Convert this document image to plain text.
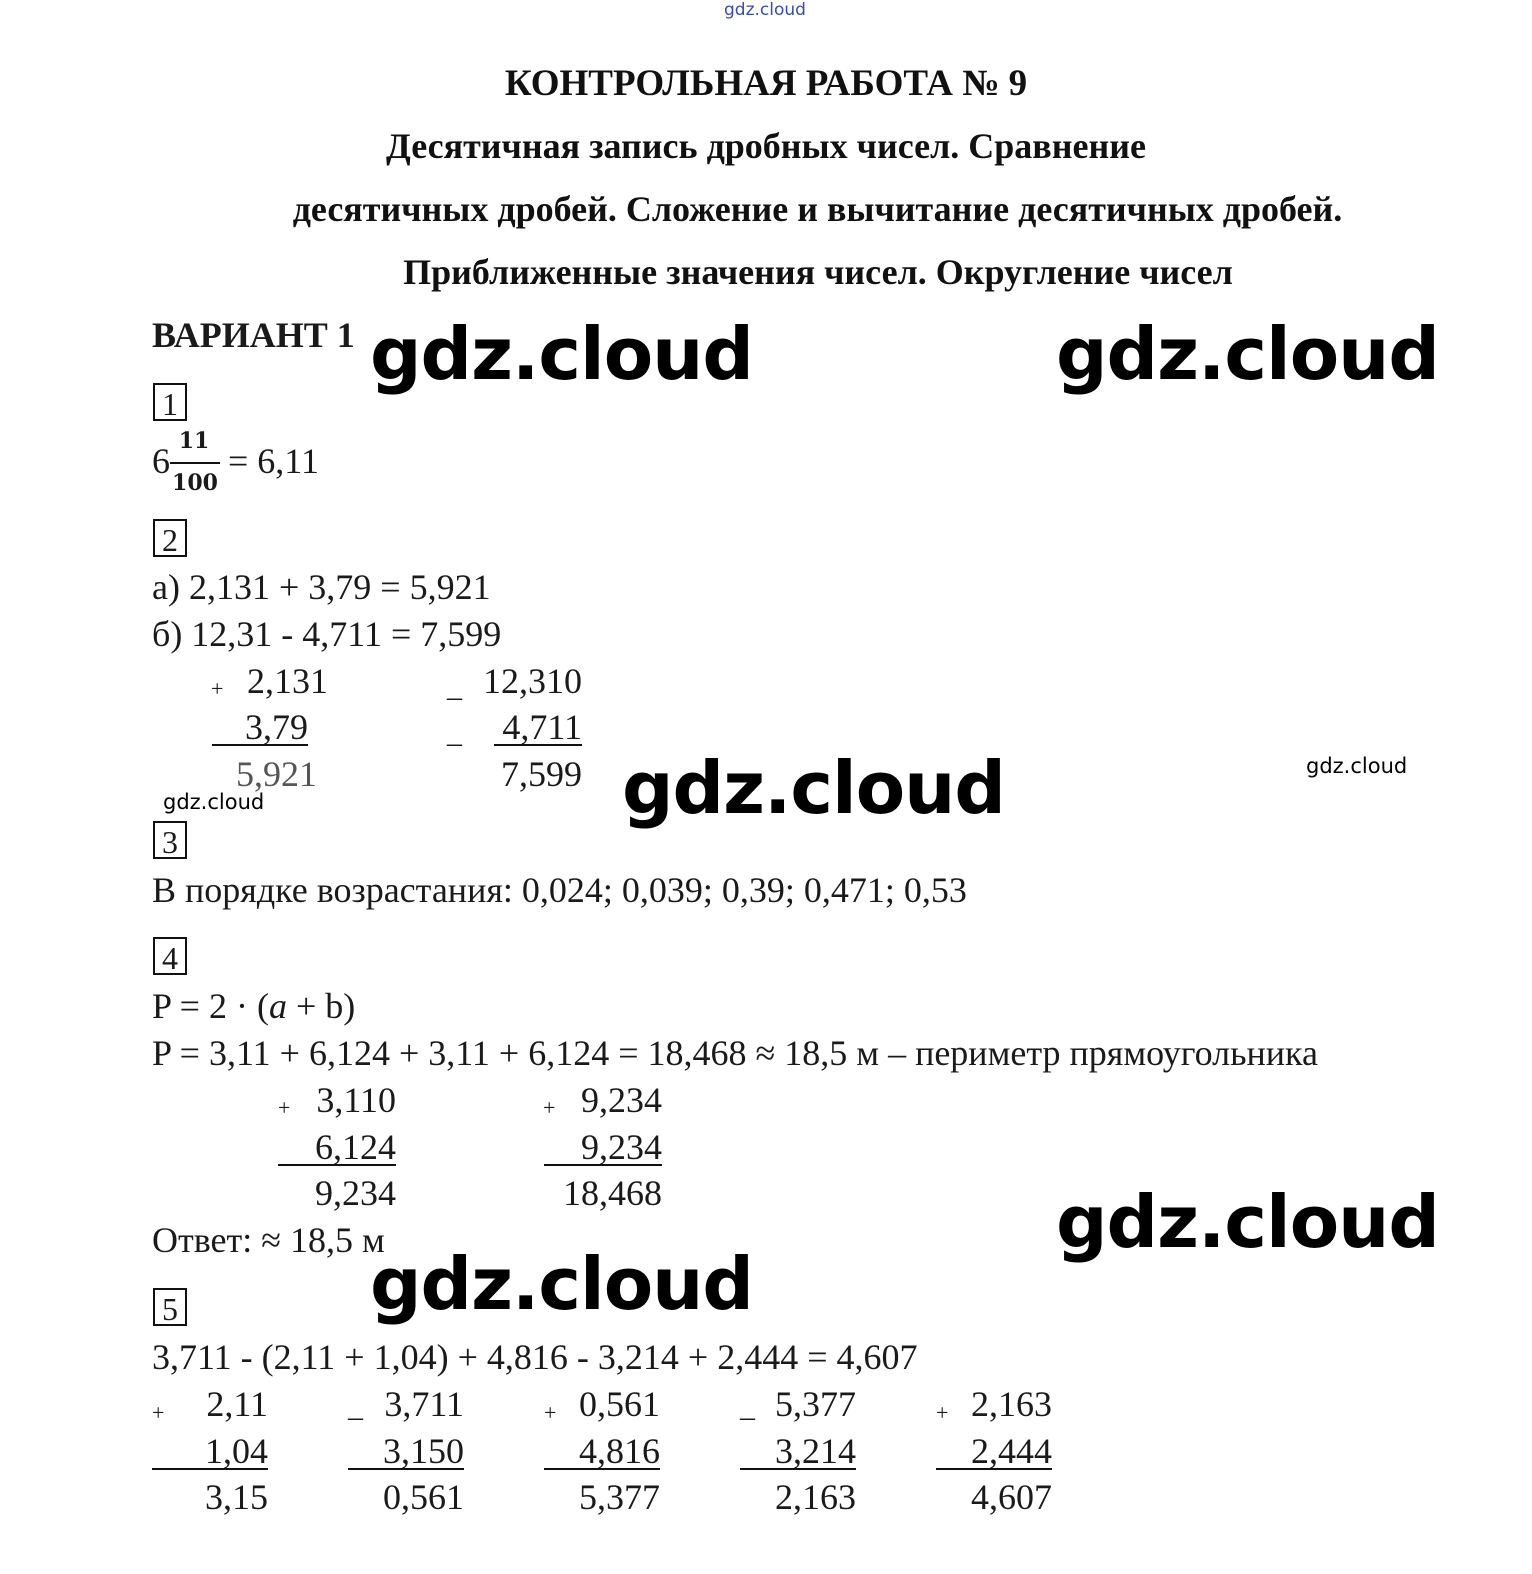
gdz.cloud
КОНТРОЛЬНАЯ РАБОТА № 9
Десятичная запись дробных чисел. Сравнение
десятичных дробей. Сложение и вычитание десятичных дробей.
Приближенные значения чисел. Округление чисел
ВАРИАНТ 1 gdz.cloud	gdz.cloud
gdz.cloud
gdz.cloud
gdz.cloud
gdz.cloud
gdz.cloud
1
6 11
100
= 6,11
2
а) 2,131 + 3,79 = 5,921
б) 12,31 - 4,711 = 7,599
+ 2,131
3,79
5,921
_ 12,310
_	4,711
7,599
3
В порядке возрастания: 0,024; 0,039; 0,39; 0,471; 0,53
4
P = 2 · (a + b)
P = 3,11 + 6,124 + 3,11 + 6,124 = 18,468 ≈ 18,5 м – периметр прямоугольника
+ 3,110
6,124
9,234
+ 9,234
9,234
18,468
Ответ: ≈ 18,5 м
5
3,711 - (2,11 + 1,04) + 4,816 - 3,214 + 2,444 = 4,607
+	2,11
1,04
3,15
_ 3,711
3,150
0,561
+ 0,561
4,816
5,377
_ 5,377
3,214
2,163
+ 2,163
2,444
4,607
